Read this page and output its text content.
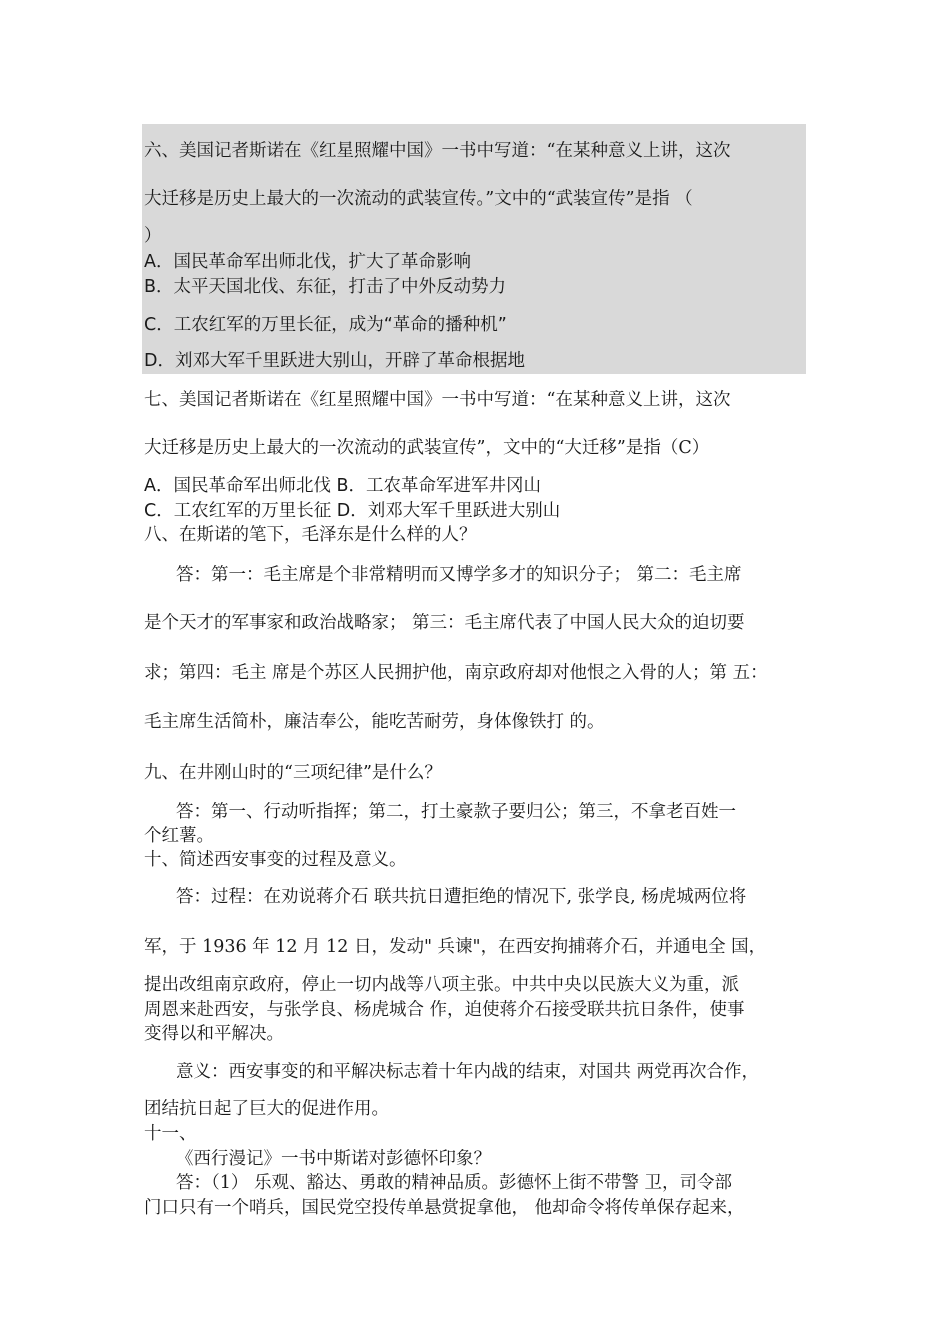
六、美国记者斯诺在《红星照耀中国》一书中写道：“在某种意义上讲，这次

大迁移是历史上最大的一次流动的武装宣传。”文中的“武装宣传”是指 （

）

A．国民革命军出师北伐，扩大了革命影响

B．太平天国北伐、东征，打击了中外反动势力

C．工农红军的万里长征，成为“革命的播种机”

D．刘邓大军千里跃进大别山，开辟了革命根据地

七、美国记者斯诺在《红星照耀中国》一书中写道：“在某种意义上讲，这次

大迁移是历史上最大的一次流动的武装宣传”，文中的“大迁移”是指（C）

A．国民革命军出师北伐 B．工农革命军进军井冈山

C．工农红军的万里长征 D．刘邓大军千里跃进大别山

八、在斯诺的笔下，毛泽东是什么样的人？

答：第一：毛主席是个非常精明而又博学多才的知识分子； 第二：毛主席

是个天才的军事家和政治战略家； 第三：毛主席代表了中国人民大众的迫切要

求；第四：毛主 席是个苏区人民拥护他，南京政府却对他恨之入骨的人；第 五：

毛主席生活简朴，廉洁奉公，能吃苦耐劳，身体像铁打 的。

九、在井刚山时的“三项纪律”是什么？

答：第一、行动听指挥；第二，打土豪款子要归公；第三，不拿老百姓一

个红薯。

十、简述西安事变的过程及意义。

答：过程：在劝说蒋介石 联共抗日遭拒绝的情况下, 张学良, 杨虎城两位将

军，于 1936 年 12 月 12 日，发动" 兵谏"，在西安拘捕蒋介石，并通电全 国，

提出改组南京政府，停止一切内战等八项主张。中共中央以民族大义为重，派

周恩来赴西安，与张学良、杨虎城合 作，迫使蒋介石接受联共抗日条件，使事

变得以和平解决。

意义：西安事变的和平解决标志着十年内战的结束，对国共 两党再次合作，

团结抗日起了巨大的促进作用。

十一、

《西行漫记》一书中斯诺对彭德怀印象？

答：（1） 乐观、豁达、勇敢的精神品质。彭德怀上街不带警 卫，司令部

门口只有一个哨兵，国民党空投传单悬赏捉拿他， 他却命令将传单保存起来，
